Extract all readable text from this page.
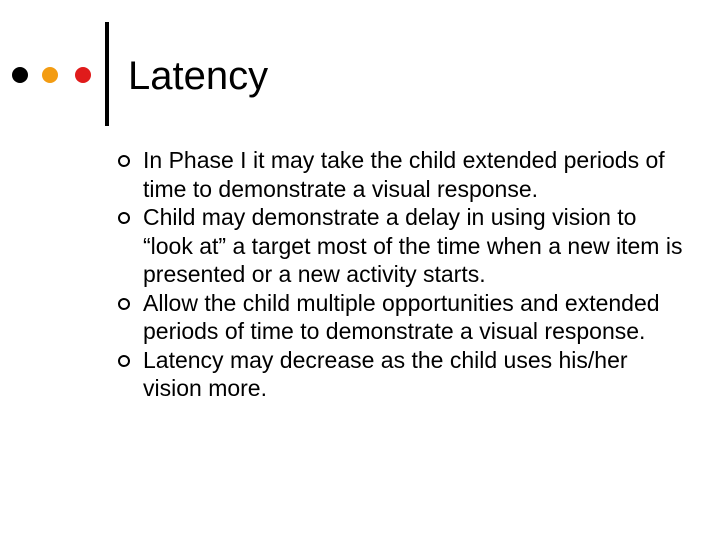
Latency
In Phase I it may take the child extended periods of time to demonstrate a visual response.
Child may demonstrate a delay in using vision to “look at” a target most of the time when a new item is presented or a new activity starts.
Allow the child multiple opportunities and extended periods of time to demonstrate a visual response.
Latency may decrease as the child uses his/her vision more.
